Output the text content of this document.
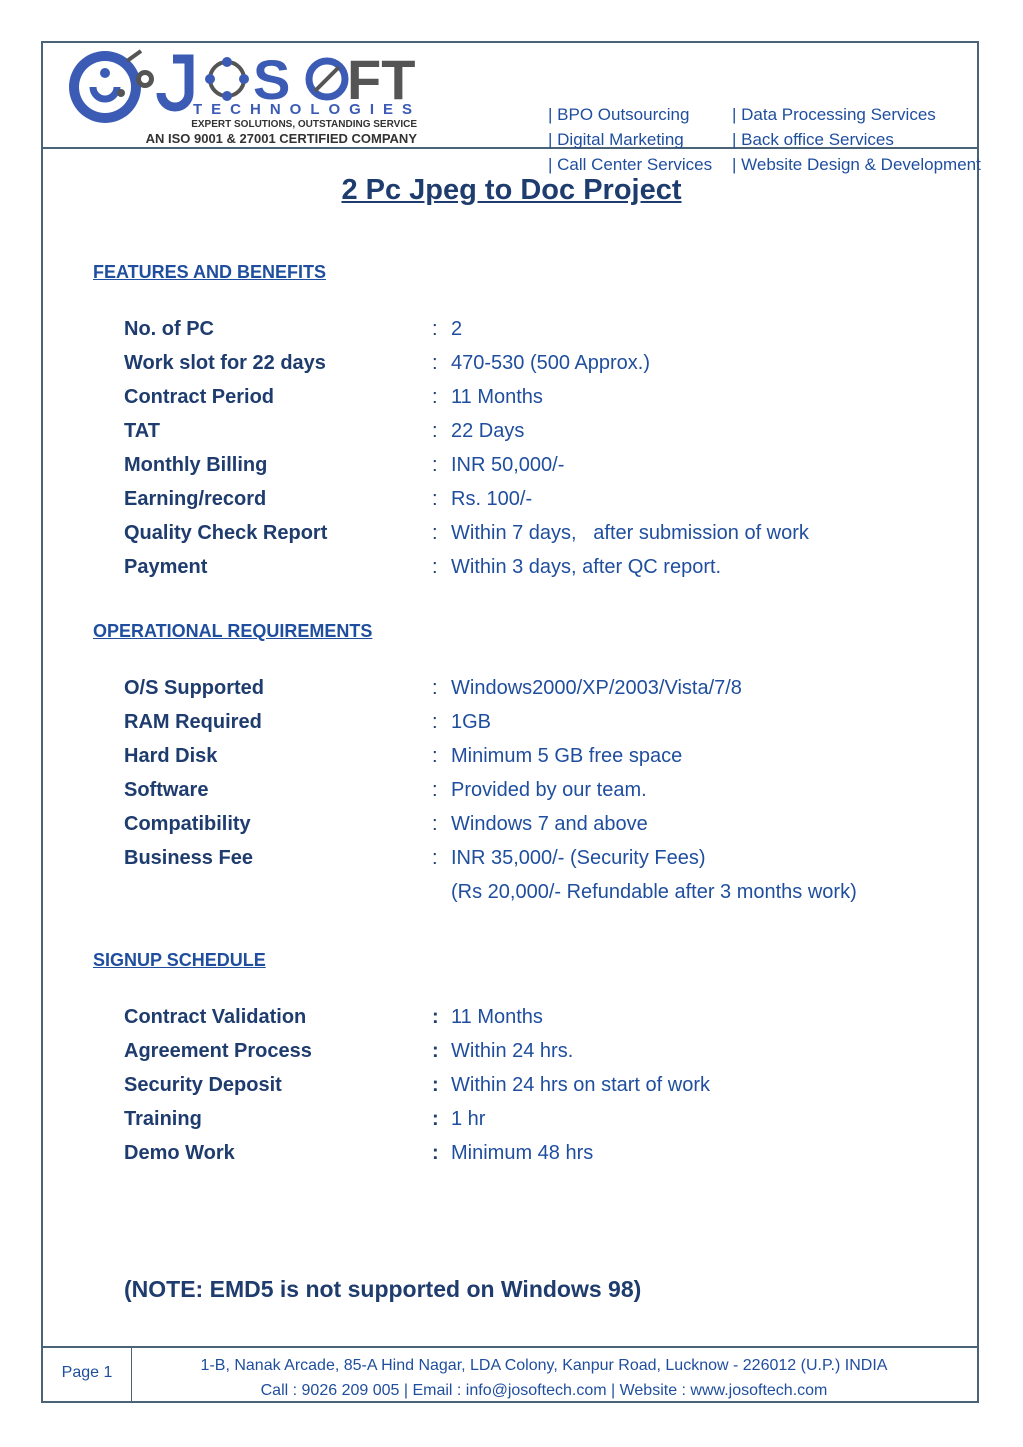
S FT
TECHNOLOGIES
EXPERT SOLUTIONS, OUTSTANDING SERVICE
AN ISO 9001 & 27001 CERTIFIED COMPANY
| BPO Outsourcing	| Data Processing Services
| Digital Marketing	| Back office Services
| Call Center Services	| Website Design & Development
2 Pc Jpeg to Doc Project
FEATURES AND BENEFITS
No. of PC	: 2
Work slot for 22 days	: 470-530 (500 Approx.)
Contract Period	: 11 Months
TAT	: 22 Days
Monthly Billing	: INR 50,000/-
Earning/record	: Rs. 100/-
Quality Check Report	: Within 7 days,   after submission of work
Payment	: Within 3 days, after QC report.
OPERATIONAL REQUIREMENTS
O/S Supported	: Windows2000/XP/2003/Vista/7/8
RAM Required	: 1GB
Hard Disk	: Minimum 5 GB free space
Software	: Provided by our team.
Compatibility	: Windows 7 and above
Business Fee	: INR 35,000/- (Security Fees)
(Rs 20,000/- Refundable after 3 months work)
SIGNUP SCHEDULE
Contract Validation	: 11 Months
Agreement Process	: Within 24 hrs.
Security Deposit	: Within 24 hrs on start of work
Training	: 1 hr
Demo Work	: Minimum 48 hrs
(NOTE: EMD5 is not supported on Windows 98)
Page 1	1-B, Nanak Arcade, 85-A Hind Nagar, LDA Colony, Kanpur Road, Lucknow - 226012 (U.P.) INDIA
Call : 9026 209 005 | Email : info@josoftech.com | Website : www.josoftech.com
